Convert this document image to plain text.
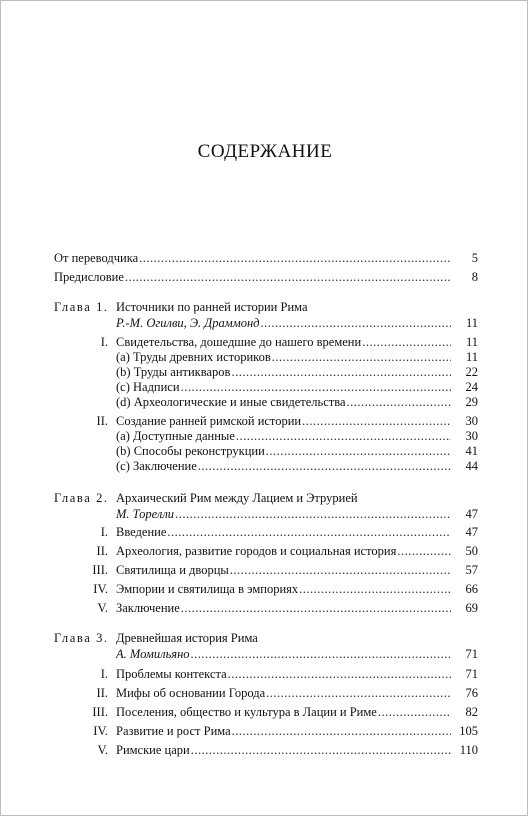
СОДЕРЖАНИЕ
От переводчика .....	5
Предисловие .....	8
Глава 1. Источники по ранней истории Рима
Р.-М. Огилви, Э. Драммонд .....	11
I. Свидетельства, дошедшие до нашего времени .....	11
(a) Труды древних историков .....	11
(b) Труды антикваров .....	22
(c) Надписи .....	24
(d) Археологические и иные свидетельства .....	29
II. Создание ранней римской истории .....	30
(a) Доступные данные .....	30
(b) Способы реконструкции .....	41
(c) Заключение .....	44
Глава 2. Архаический Рим между Лацием и Этрурией
М. Торелли .....	47
I. Введение .....	47
II. Археология, развитие городов и социальная история .....	50
III. Святилища и дворцы .....	57
IV. Эмпории и святилища в эмпориях .....	66
V. Заключение .....	69
Глава 3. Древнейшая история Рима
А. Момильяно .....	71
I. Проблемы контекста .....	71
II. Мифы об основании Города .....	76
III. Поселения, общество и культура в Лации и Риме .....	82
IV. Развитие и рост Рима .....	105
V. Римские цари .....	110
